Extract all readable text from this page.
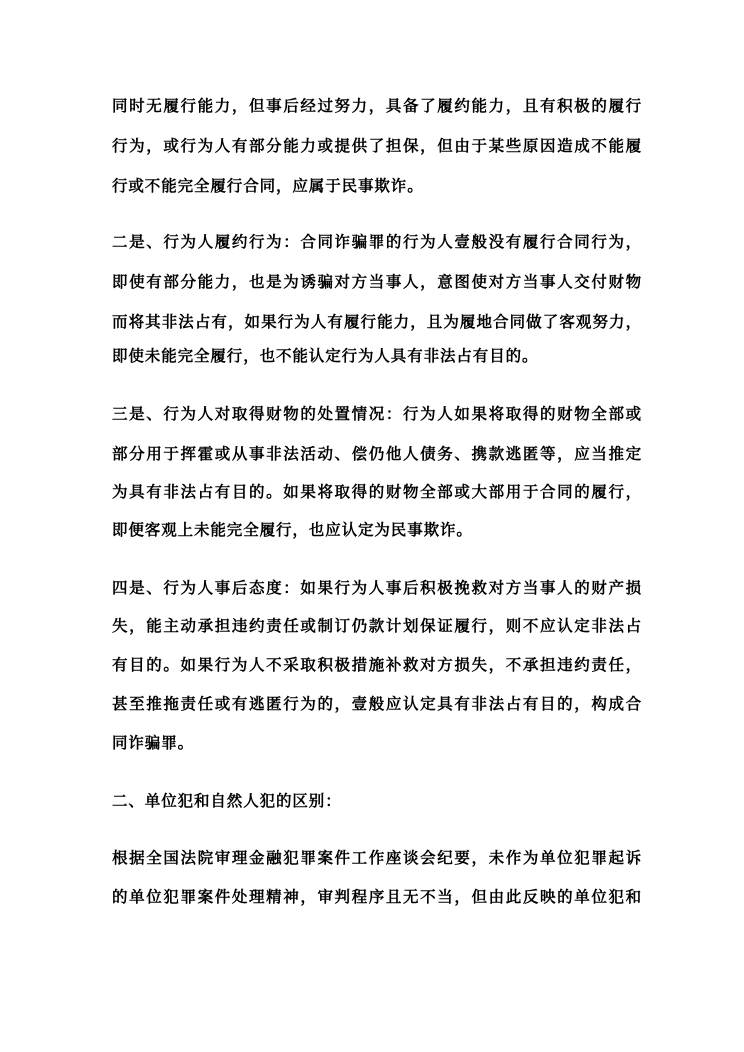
同时无履行能力，但事后经过努力，具备了履约能力，且有积极的履行
行为，或行为人有部分能力或提供了担保，但由于某些原因造成不能履
行或不能完全履行合同，应属于民事欺诈。
二是、行为人履约行为：合同诈骗罪的行为人壹般没有履行合同行为，
即使有部分能力，也是为诱骗对方当事人，意图使对方当事人交付财物
而将其非法占有，如果行为人有履行能力，且为履地合同做了客观努力，
即使未能完全履行，也不能认定行为人具有非法占有目的。
三是、行为人对取得财物的处置情况：行为人如果将取得的财物全部或
部分用于挥霍或从事非法活动、偿仍他人债务、携款逃匿等，应当推定
为具有非法占有目的。如果将取得的财物全部或大部用于合同的履行，
即便客观上未能完全履行，也应认定为民事欺诈。
四是、行为人事后态度：如果行为人事后积极挽救对方当事人的财产损
失，能主动承担违约责任或制订仍款计划保证履行，则不应认定非法占
有目的。如果行为人不采取积极措施补救对方损失，不承担违约责任，
甚至推拖责任或有逃匿行为的，壹般应认定具有非法占有目的，构成合
同诈骗罪。
二、单位犯和自然人犯的区别：
根据全国法院审理金融犯罪案件工作座谈会纪要，未作为单位犯罪起诉
的单位犯罪案件处理精神，审判程序且无不当，但由此反映的单位犯和
